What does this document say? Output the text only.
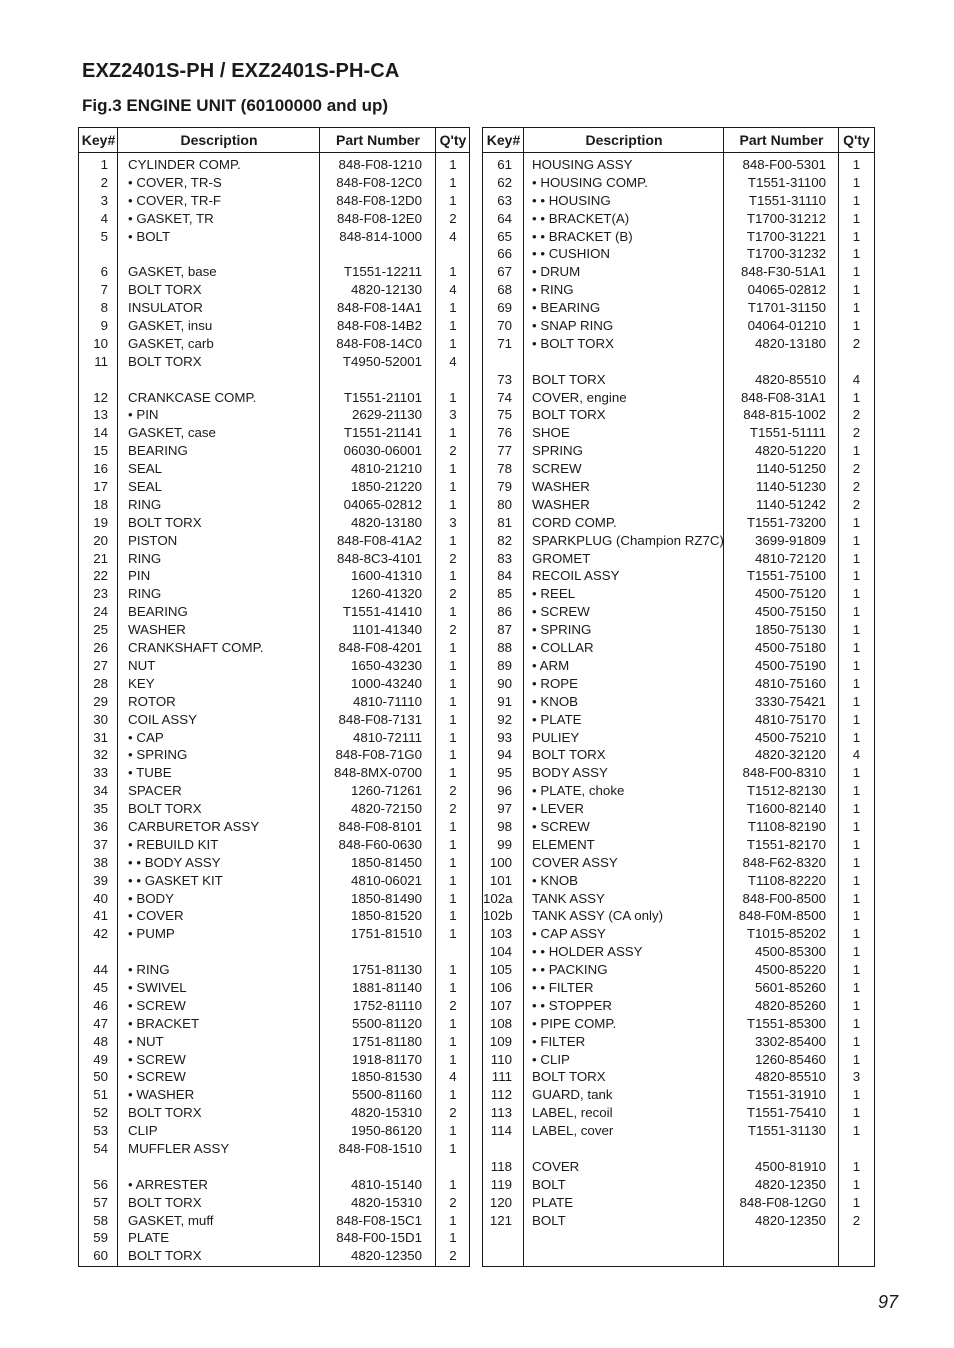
EXZ2401S-PH / EXZ2401S-PH-CA
Fig.3 ENGINE UNIT (60100000 and up)
Key#	Description	Part Number	Q'ty
1 CYLINDER COMP.	848-F08-1210	1
2 • COVER, TR-S	848-F08-12C0	1
3 • COVER, TR-F	848-F08-12D0	1
4 • GASKET, TR	848-F08-12E0	2
5 • BOLT	848-814-1000	4
6 GASKET, base	T1551-12211	1
7 BOLT TORX	4820-12130	4
8 INSULATOR	848-F08-14A1	1
9 GASKET, insu	848-F08-14B2	1
10 GASKET, carb	848-F08-14C0	1
11 BOLT TORX	T4950-52001	4
12 CRANKCASE COMP.	T1551-21101	1
13 • PIN	2629-21130	3
14 GASKET, case	T1551-21141	1
15 BEARING	06030-06001	2
16 SEAL	4810-21210	1
17 SEAL	1850-21220	1
18 RING	04065-02812	1
19 BOLT TORX	4820-13180	3
20 PISTON	848-F08-41A2	1
21 RING	848-8C3-4101	2
22 PIN	1600-41310	1
23 RING	1260-41320	2
24 BEARING	T1551-41410	1
25 WASHER	1101-41340	2
26 CRANKSHAFT COMP.	848-F08-4201	1
27 NUT	1650-43230	1
28 KEY	1000-43240	1
29 ROTOR	4810-71110	1
30 COIL ASSY	848-F08-7131	1
31 • CAP	4810-72111	1
32 • SPRING	848-F08-71G0	1
33 • TUBE	848-8MX-0700	1
34 SPACER	1260-71261	2
35 BOLT TORX	4820-72150	2
36 CARBURETOR ASSY	848-F08-8101	1
37 • REBUILD KIT	848-F60-0630	1
38 • • BODY ASSY	1850-81450	1
39 • • GASKET KIT	4810-06021	1
40 • BODY	1850-81490	1
41 • COVER	1850-81520	1
42 • PUMP	1751-81510	1
44 • RING	1751-81130	1
45 • SWIVEL	1881-81140	1
46 • SCREW	1752-81110	2
47 • BRACKET	5500-81120	1
48 • NUT	1751-81180	1
49 • SCREW	1918-81170	1
50 • SCREW	1850-81530	4
51 • WASHER	5500-81160	1
52 BOLT TORX	4820-15310	2
53 CLIP	1950-86120	1
54 MUFFLER ASSY	848-F08-1510	1
56 • ARRESTER	4810-15140	1
57 BOLT TORX	4820-15310	2
58 GASKET, muff	848-F08-15C1	1
59 PLATE	848-F00-15D1	1
60 BOLT TORX	4820-12350	2
Key#	Description	Part Number	Q'ty
61 HOUSING ASSY	848-F00-5301	1
62 • HOUSING COMP.	T1551-31100	1
63 • • HOUSING	T1551-31110	1
64 • • BRACKET(A)	T1700-31212	1
65 • • BRACKET (B)	T1700-31221	1
66 • • CUSHION	T1700-31232	1
67 • DRUM	848-F30-51A1	1
68 • RING	04065-02812	1
69 • BEARING	T1701-31150	1
70 • SNAP RING	04064-01210	1
71 • BOLT TORX	4820-13180	2
73 BOLT TORX	4820-85510	4
74 COVER, engine	848-F08-31A1	1
75 BOLT TORX	848-815-1002	2
76 SHOE	T1551-51111	2
77 SPRING	4820-51220	1
78 SCREW	1140-51250	2
79 WASHER	1140-51230	2
80 WASHER	1140-51242	2
81 CORD COMP.	T1551-73200	1
82 SPARKPLUG (Champion RZ7C)	3699-91809	1
83 GROMET	4810-72120	1
84 RECOIL ASSY	T1551-75100	1
85 • REEL	4500-75120	1
86 • SCREW	4500-75150	1
87 • SPRING	1850-75130	1
88 • COLLAR	4500-75180	1
89 • ARM	4500-75190	1
90 • ROPE	4810-75160	1
91 • KNOB	3330-75421	1
92 • PLATE	4810-75170	1
93 PULIEY	4500-75210	1
94 BOLT TORX	4820-32120	4
95 BODY ASSY	848-F00-8310	1
96 • PLATE, choke	T1512-82130	1
97 • LEVER	T1600-82140	1
98 • SCREW	T1108-82190	1
99 ELEMENT	T1551-82170	1
100 COVER ASSY	848-F62-8320	1
101 • KNOB	T1108-82220	1
102a TANK ASSY	848-F00-8500	1
102b TANK ASSY (CA only)	848-F0M-8500	1
103 • CAP ASSY	T1015-85202	1
104 • • HOLDER ASSY	4500-85300	1
105 • • PACKING	4500-85220	1
106 • • FILTER	5601-85260	1
107 • • STOPPER	4820-85260	1
108 • PIPE COMP.	T1551-85300	1
109 • FILTER	3302-85400	1
110 • CLIP	1260-85460	1
111 BOLT TORX	4820-85510	3
112 GUARD, tank	T1551-31910	1
113 LABEL, recoil	T1551-75410	1
114 LABEL, cover	T1551-31130	1
118 COVER	4500-81910	1
119 BOLT	4820-12350	1
120 PLATE	848-F08-12G0	1
121 BOLT	4820-12350	2
97
